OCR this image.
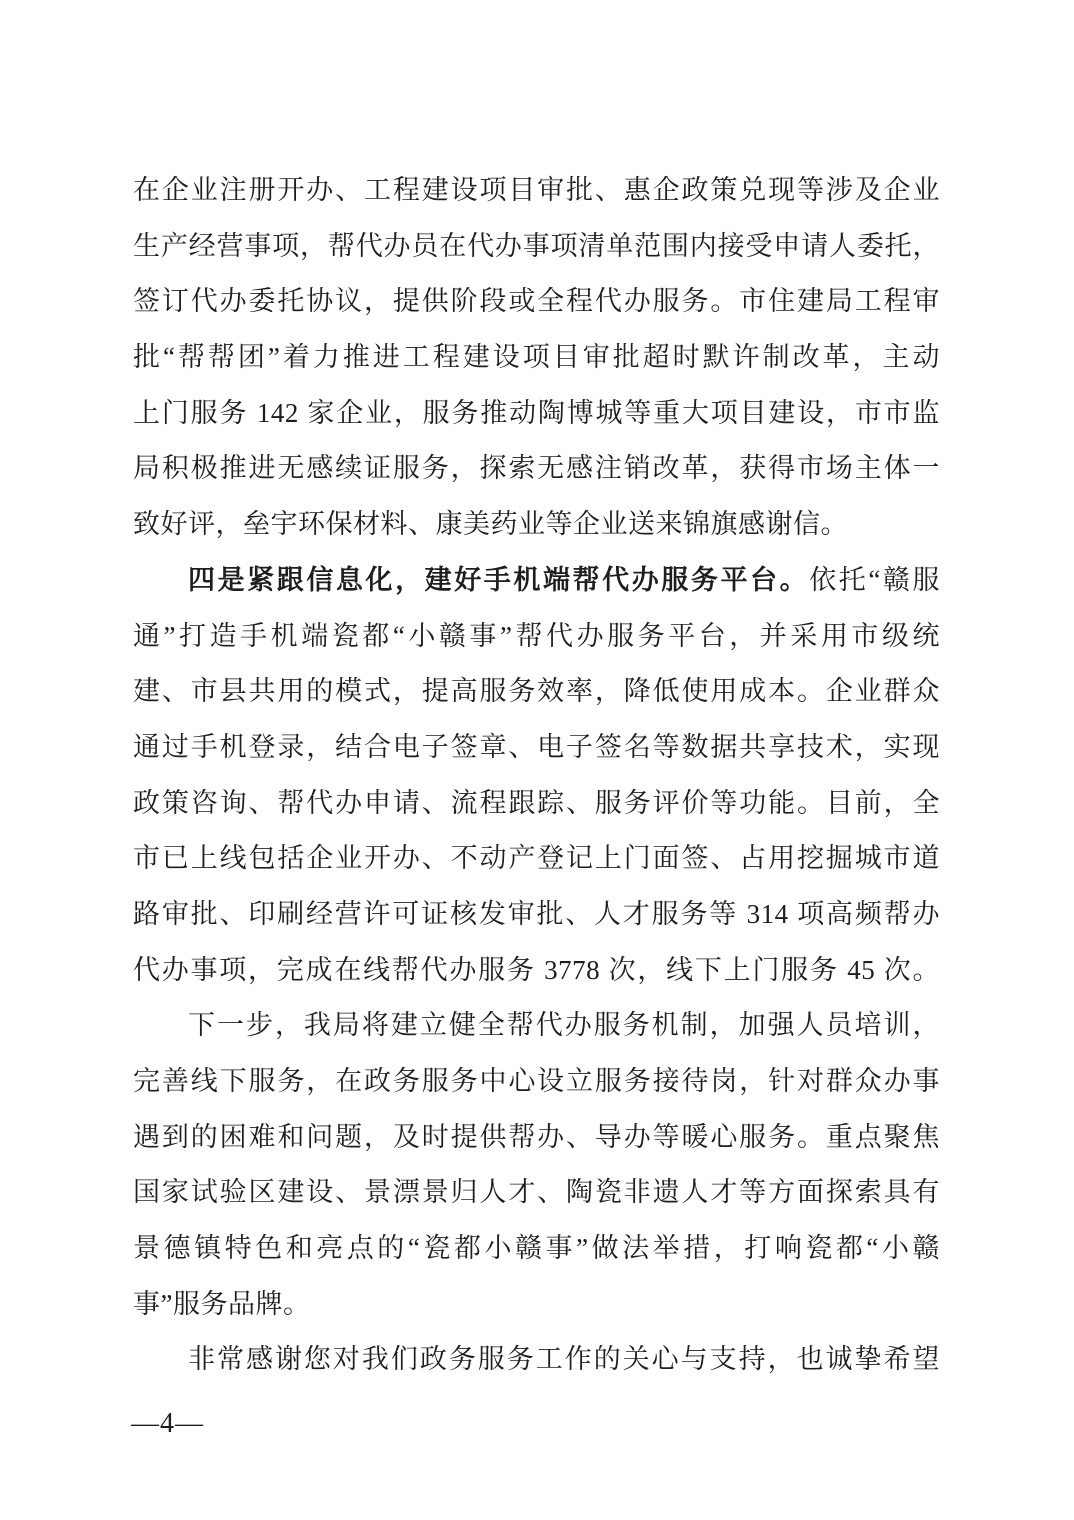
在企业注册开办、工程建设项目审批、惠企政策兑现等涉及企业
生产经营事项，帮代办员在代办事项清单范围内接受申请人委托，
签订代办委托协议，提供阶段或全程代办服务。市住建局工程审
批“帮帮团”着力推进工程建设项目审批超时默许制改革，主动
上门服务 142 家企业，服务推动陶博城等重大项目建设，市市监
局积极推进无感续证服务，探索无感注销改革，获得市场主体一
致好评，垒宇环保材料、康美药业等企业送来锦旗感谢信。
四是紧跟信息化，建好手机端帮代办服务平台。依托“赣服
通”打造手机端瓷都“小赣事”帮代办服务平台，并采用市级统
建、市县共用的模式，提高服务效率，降低使用成本。企业群众
通过手机登录，结合电子签章、电子签名等数据共享技术，实现
政策咨询、帮代办申请、流程跟踪、服务评价等功能。目前，全
市已上线包括企业开办、不动产登记上门面签、占用挖掘城市道
路审批、印刷经营许可证核发审批、人才服务等 314 项高频帮办
代办事项，完成在线帮代办服务 3778 次，线下上门服务 45 次。
下一步，我局将建立健全帮代办服务机制，加强人员培训，
完善线下服务，在政务服务中心设立服务接待岗，针对群众办事
遇到的困难和问题，及时提供帮办、导办等暖心服务。重点聚焦
国家试验区建设、景漂景归人才、陶瓷非遗人才等方面探索具有
景德镇特色和亮点的“瓷都小赣事”做法举措，打响瓷都“小赣
事”服务品牌。
非常感谢您对我们政务服务工作的关心与支持，也诚挚希望
—4—
